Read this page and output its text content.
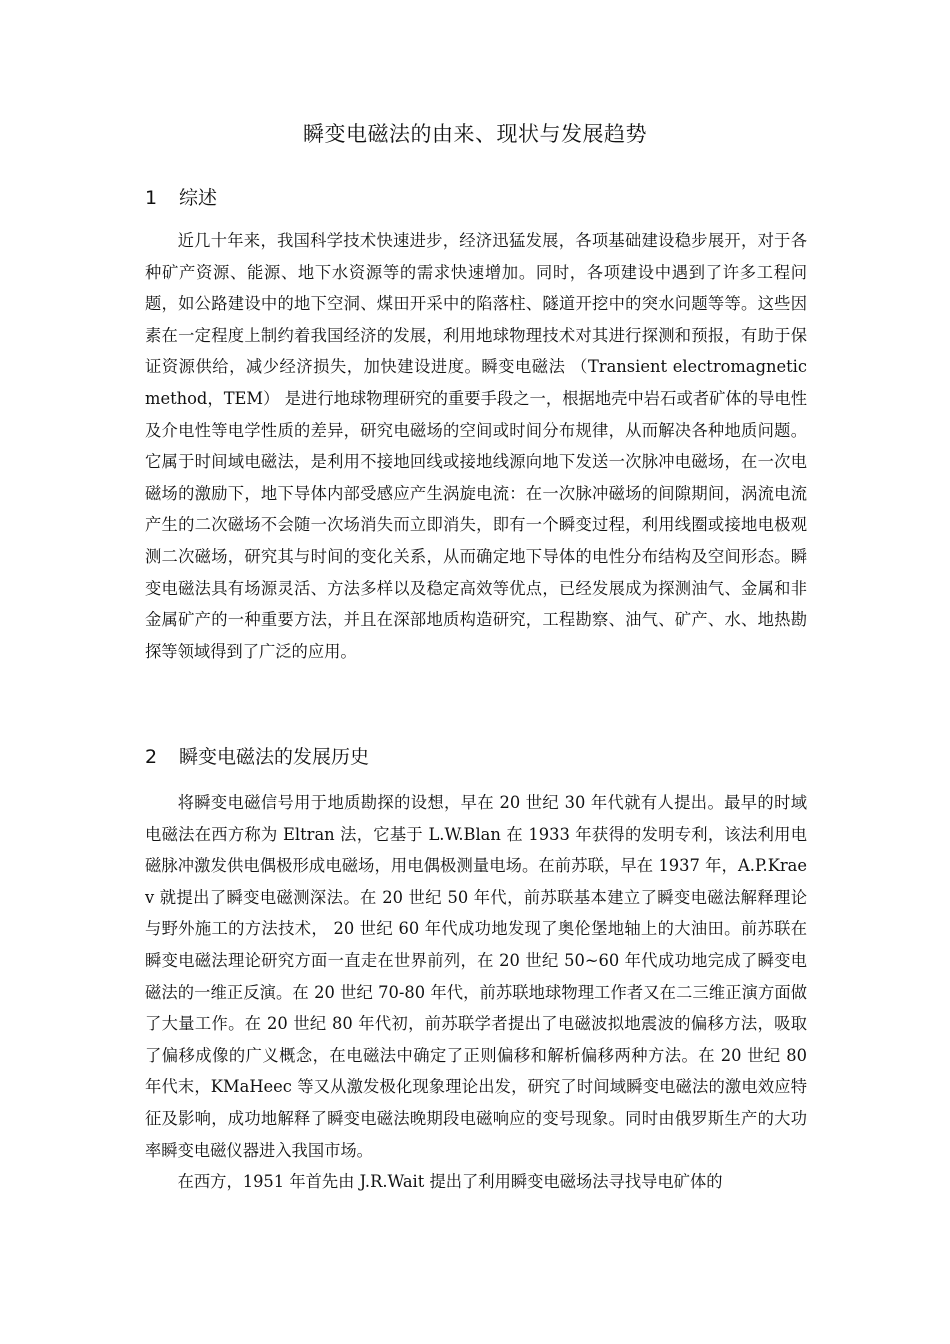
瞬变电磁法的由来、现状与发展趋势
1 综述

近几十年来，我国科学技术快速进步，经济迅猛发展，各项基础建设稳步展开，对于各种矿产资源、能源、地下水资源等的需求快速增加。同时，各项建设中遇到了许多工程问题，如公路建设中的地下空洞、煤田开采中的陷落柱、隧道开挖中的突水问题等等。这些因素在一定程度上制约着我国经济的发展，利用地球物理技术对其进行探测和预报，有助于保证资源供给，减少经济损失，加快建设进度。瞬变电磁法 （Transient electromagnetic method，TEM） 是进行地球物理研究的重要手段之一，根据地壳中岩石或者矿体的导电性及介电性等电学性质的差异，研究电磁场的空间或时间分布规律，从而解决各种地质问题。它属于时间域电磁法，是利用不接地回线或接地线源向地下发送一次脉冲电磁场，在一次电磁场的激励下，地下导体内部受感应产生涡旋电流：在一次脉冲磁场的间隙期间，涡流电流产生的二次磁场不会随一次场消失而立即消失，即有一个瞬变过程，利用线圈或接地电极观测二次磁场，研究其与时间的变化关系，从而确定地下导体的电性分布结构及空间形态。瞬变电磁法具有场源灵活、方法多样以及稳定高效等优点，已经发展成为探测油气、金属和非金属矿产的一种重要方法，并且在深部地质构造研究，工程勘察、油气、矿产、水、地热勘探等领域得到了广泛的应用。

2 瞬变电磁法的发展历史

将瞬变电磁信号用于地质勘探的设想，早在 20 世纪 30 年代就有人提出。最早的时域电磁法在西方称为 Eltran 法，它基于 L.W.Blan 在 1933 年获得的发明专利，该法利用电磁脉冲激发供电偶极形成电磁场，用电偶极测量电场。在前苏联，早在 1937 年，A.P.Kraev 就提出了瞬变电磁测深法。在 20 世纪 50 年代，前苏联基本建立了瞬变电磁法解释理论与野外施工的方法技术， 20 世纪 60 年代成功地发现了奥伦堡地轴上的大油田。前苏联在瞬变电磁法理论研究方面一直走在世界前列，在 20 世纪 50~60 年代成功地完成了瞬变电磁法的一维正反演。在 20 世纪 70-80 年代，前苏联地球物理工作者又在二三维正演方面做了大量工作。在 20 世纪 80 年代初，前苏联学者提出了电磁波拟地震波的偏移方法，吸取了偏移成像的广义概念，在电磁法中确定了正则偏移和解析偏移两种方法。在 20 世纪 80 年代末，KMaHeec 等又从激发极化现象理论出发，研究了时间域瞬变电磁法的激电效应特征及影响，成功地解释了瞬变电磁法晚期段电磁响应的变号现象。同时由俄罗斯生产的大功率瞬变电磁仪器进入我国市场。

在西方，1951 年首先由 J.R.Wait 提出了利用瞬变电磁场法寻找导电矿体的
